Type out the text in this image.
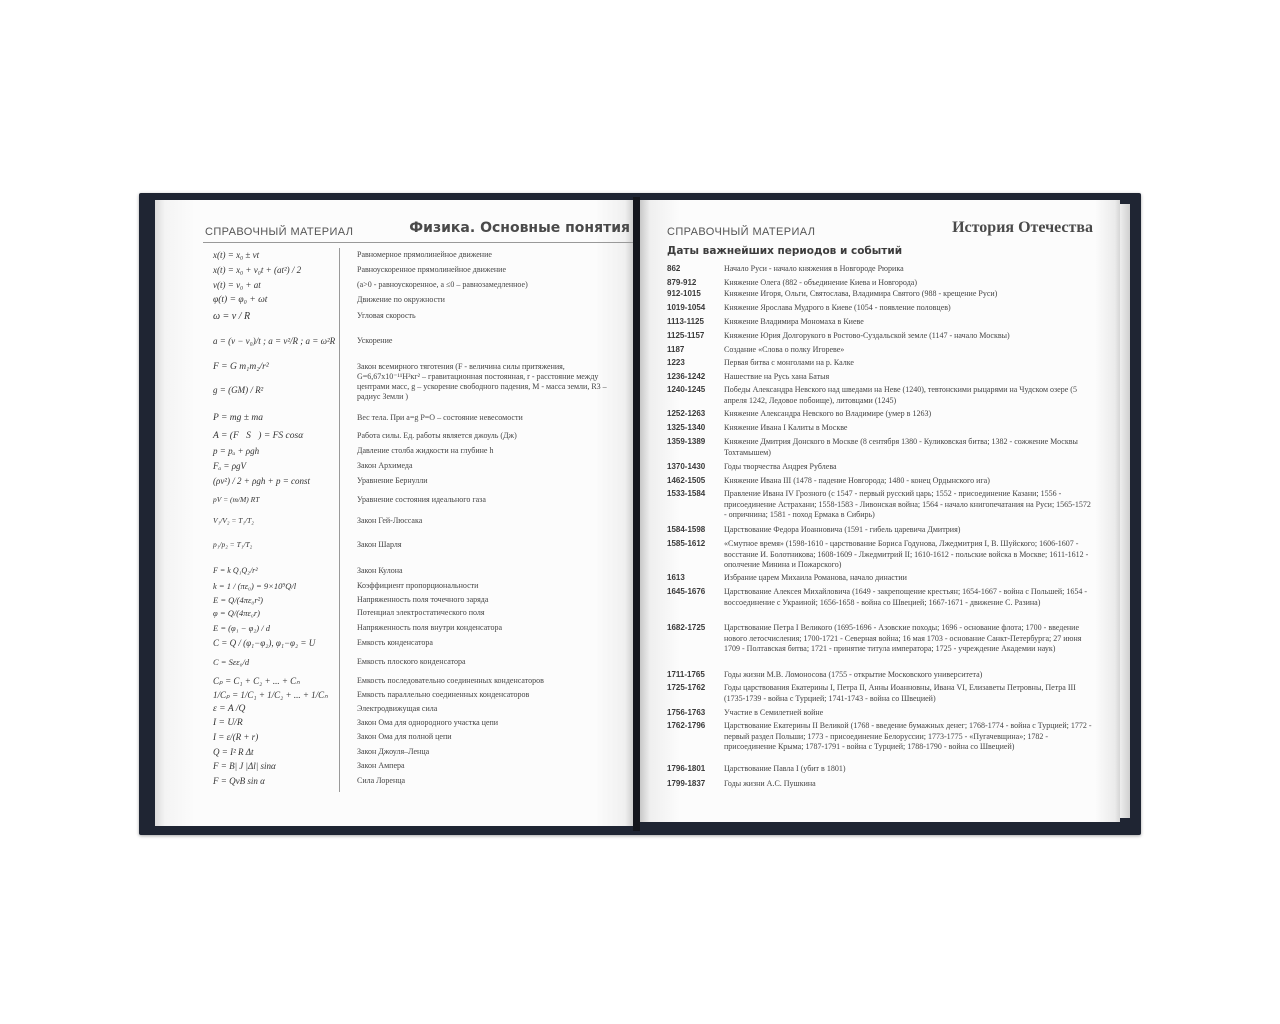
СПРАВОЧНЫЙ МАТЕРИАЛ	Физика. Основные понятия
x(t) = x₀ ± vt	Равномерное прямолинейное движение
x(t) = x₀ + v₀t + (at²) / 2	Равноускоренное прямолинейное движение
v(t) = v₀ + at	(a>0 - равноускоренное, a ≤0 – равнозамедленное)
φ(t) = φ₀ + ωt	Движение по окружности
ω = v / R	Угловая скорость
a = (v − v₀)/t ; a = v²/R ; a = ω²R	Ускорение
F = G m₁m₂/r²	Закон всемирного тяготения (F - величина силы притяжения, G=6,67x10⁻¹¹Н²кг² – гравитационная постоянная, r - расстояние между центрами масс, g – ускорение свободного падения, М - масса земли, R3 – радиус Земли )
g = (GM) / R²
P = mg ± ma	Вес тела. При a=g P=O – состояние невесомости
A = (F⃗S⃗) = FS cosα	Работа силы. Ед. работы является джоуль (Дж)
p = pₐ + ρgh	Давление столба жидкости на глубине h
Fₐ = ρgV	Закон Архимеда
(ρv²) / 2 + ρgh + p = const	Уравнение Бернулли
pV = (m/M) RT	Уравнение состояния идеального газа
V₁/V₂ = T₁/T₂	Закон Гей-Люссака
p₁/p₂ = T₁/T₂	Закон Шарля
F = k Q₁Q₂/r²	Закон Кулона
k = 1 / (πε₀) = 9×10⁹Q/l	Коэффициент пропорциональности
E = Q/(4πε₀r²)	Напряженность поля точечного заряда
φ = Q/(4πε₀r)	Потенциал электростатического поля
E = (φ₁ − φ₂) / d	Напряженность поля внутри конденсатора
C = Q / (φ₁−φ₂), φ₁−φ₂ = U	Емкость конденсатора
C = Sεε₀/d	Емкость плоского конденсатора
Cₚ = C₁ + C₂ + ... + Cₙ	Емкость последовательно соединенных конденсаторов
1/Cₚ = 1/C₁ + 1/C₂ + ... + 1/Cₙ	Емкость параллельно соединенных конденсаторов
ε = A /Q	Электродвижущая сила
I = U/R	Закон Ома для однородного участка цепи
I = ε/(R + r)	Закон Ома для полной цепи
Q = I² R Δt	Закон Джоуля–Ленца
F = B| J |Δl| sinα	Закон Ампера
F = QvB sin α	Сила Лоренца
СПРАВОЧНЫЙ МАТЕРИАЛ	История Отечества
Даты важнейших периодов и событий
862	Начало Руси - начало княжения в Новгороде Рюрика
879-912	Княжение Олега (882 - объединение Киева и Новгорода)
912-1015	Княжение Игоря, Ольги, Святослава, Владимира Святого (988 - крещение Руси)
1019-1054	Княжение Ярослава Мудрого в Киеве (1054 - появление половцев)
1113-1125	Княжение Владимира Мономаха в Киеве
1125-1157	Княжение Юрия Долгорукого в Ростово-Суздальской земле (1147 - начало Москвы)
1187	Создание «Слова о полку Игореве»
1223	Первая битва с монголами на р. Калке
1236-1242	Нашествие на Русь хана Батыя
1240-1245	Победы Александра Невского над шведами на Неве (1240), тевтонскими рыцарями на Чудском озере (5 апреля 1242, Ледовое побоище), литовцами (1245)
1252-1263	Княжение Александра Невского во Владимире (умер в 1263)
1325-1340	Княжение Ивана I Калиты в Москве
1359-1389	Княжение Дмитрия Донского в Москве (8 сентября 1380 - Куликовская битва; 1382 - сожжение Москвы Тохтамышем)
1370-1430	Годы творчества Андрея Рублева
1462-1505	Княжение Ивана III (1478 - падение Новгорода; 1480 - конец Ордынского ига)
1533-1584	Правление Ивана IV Грозного (с 1547 - первый русский царь; 1552 - присоединение Казани; 1556 - присоединение Астрахани; 1558-1583 - Ливонская война; 1564 - начало книгопечатания на Руси; 1565-1572 - опричнина; 1581 - поход Ермака в Сибирь)
1584-1598	Царствование Федора Иоанновича (1591 - гибель царевича Дмитрия)
1585-1612	«Смутное время» (1598-1610 - царствование Бориса Годунова, Лжедмитрия I, В. Шуйского; 1606-1607 - восстание И. Болотникова; 1608-1609 - Лжедмитрий II; 1610-1612 - польские войска в Москве; 1611-1612 - ополчение Минина и Пожарского)
1613	Избрание царем Михаила Романова, начало династии
1645-1676	Царствование Алексея Михайловича (1649 - закрепощение крестьян; 1654-1667 - война с Польшей; 1654 - воссоединение с Украиной; 1656-1658 - война со Швецией; 1667-1671 - движение С. Разина)
1682-1725	Царствование Петра I Великого (1695-1696 - Азовские походы; 1696 - основание флота; 1700 - введение нового летосчисления; 1700-1721 - Северная война; 16 мая 1703 - основание Санкт-Петербурга; 27 июня 1709 - Полтавская битва; 1721 - принятие титула императора; 1725 - учреждение Академии наук)
1711-1765	Годы жизни М.В. Ломоносова (1755 - открытие Московского университета)
1725-1762	Годы царствования Екатерины I, Петра II, Анны Иоанновны, Ивана VI, Елизаветы Петровны, Петра III (1735-1739 - война с Турцией; 1741-1743 - война со Швецией)
1756-1763	Участие в Семилетней войне
1762-1796	Царствование Екатерины II Великой (1768 - введение бумажных денег; 1768-1774 - война с Турцией; 1772 - первый раздел Польши; 1773 - присоединение Белоруссии; 1773-1775 - «Пугачевщина»; 1782 - присоединение Крыма; 1787-1791 - война с Турцией; 1788-1790 - война со Швецией)
1796-1801	Царствование Павла I (убит в 1801)
1799-1837	Годы жизни А.С. Пушкина
